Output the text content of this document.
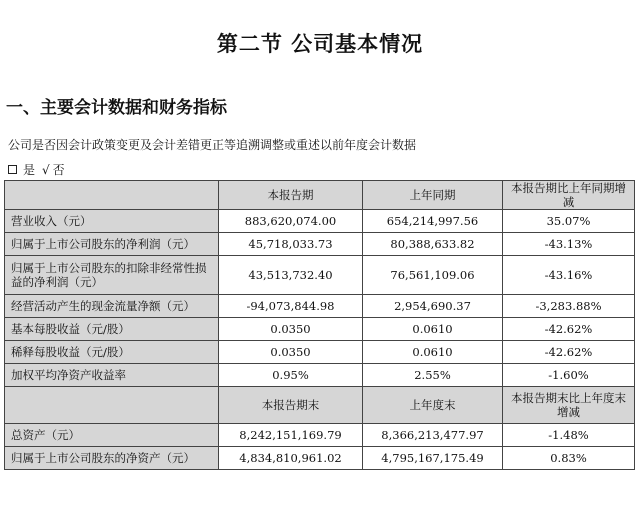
第二节 公司基本情况
一、主要会计数据和财务指标
公司是否因会计政策变更及会计差错更正等追溯调整或重述以前年度会计数据
是 √ 否
	本报告期	上年同期	本报告期比上年同期增减
营业收入（元）	883,620,074.00	654,214,997.56	35.07%
归属于上市公司股东的净利润（元）	45,718,033.73	80,388,633.82	-43.13%
归属于上市公司股东的扣除非经常性损益的净利润（元）	43,513,732.40	76,561,109.06	-43.16%
经营活动产生的现金流量净额（元）	-94,073,844.98	2,954,690.37	-3,283.88%
基本每股收益（元/股）	0.0350	0.0610	-42.62%
稀释每股收益（元/股）	0.0350	0.0610	-42.62%
加权平均净资产收益率	0.95%	2.55%	-1.60%
	本报告期末	上年度末	本报告期末比上年度末增减
总资产（元）	8,242,151,169.79	8,366,213,477.97	-1.48%
归属于上市公司股东的净资产（元）	4,834,810,961.02	4,795,167,175.49	0.83%
